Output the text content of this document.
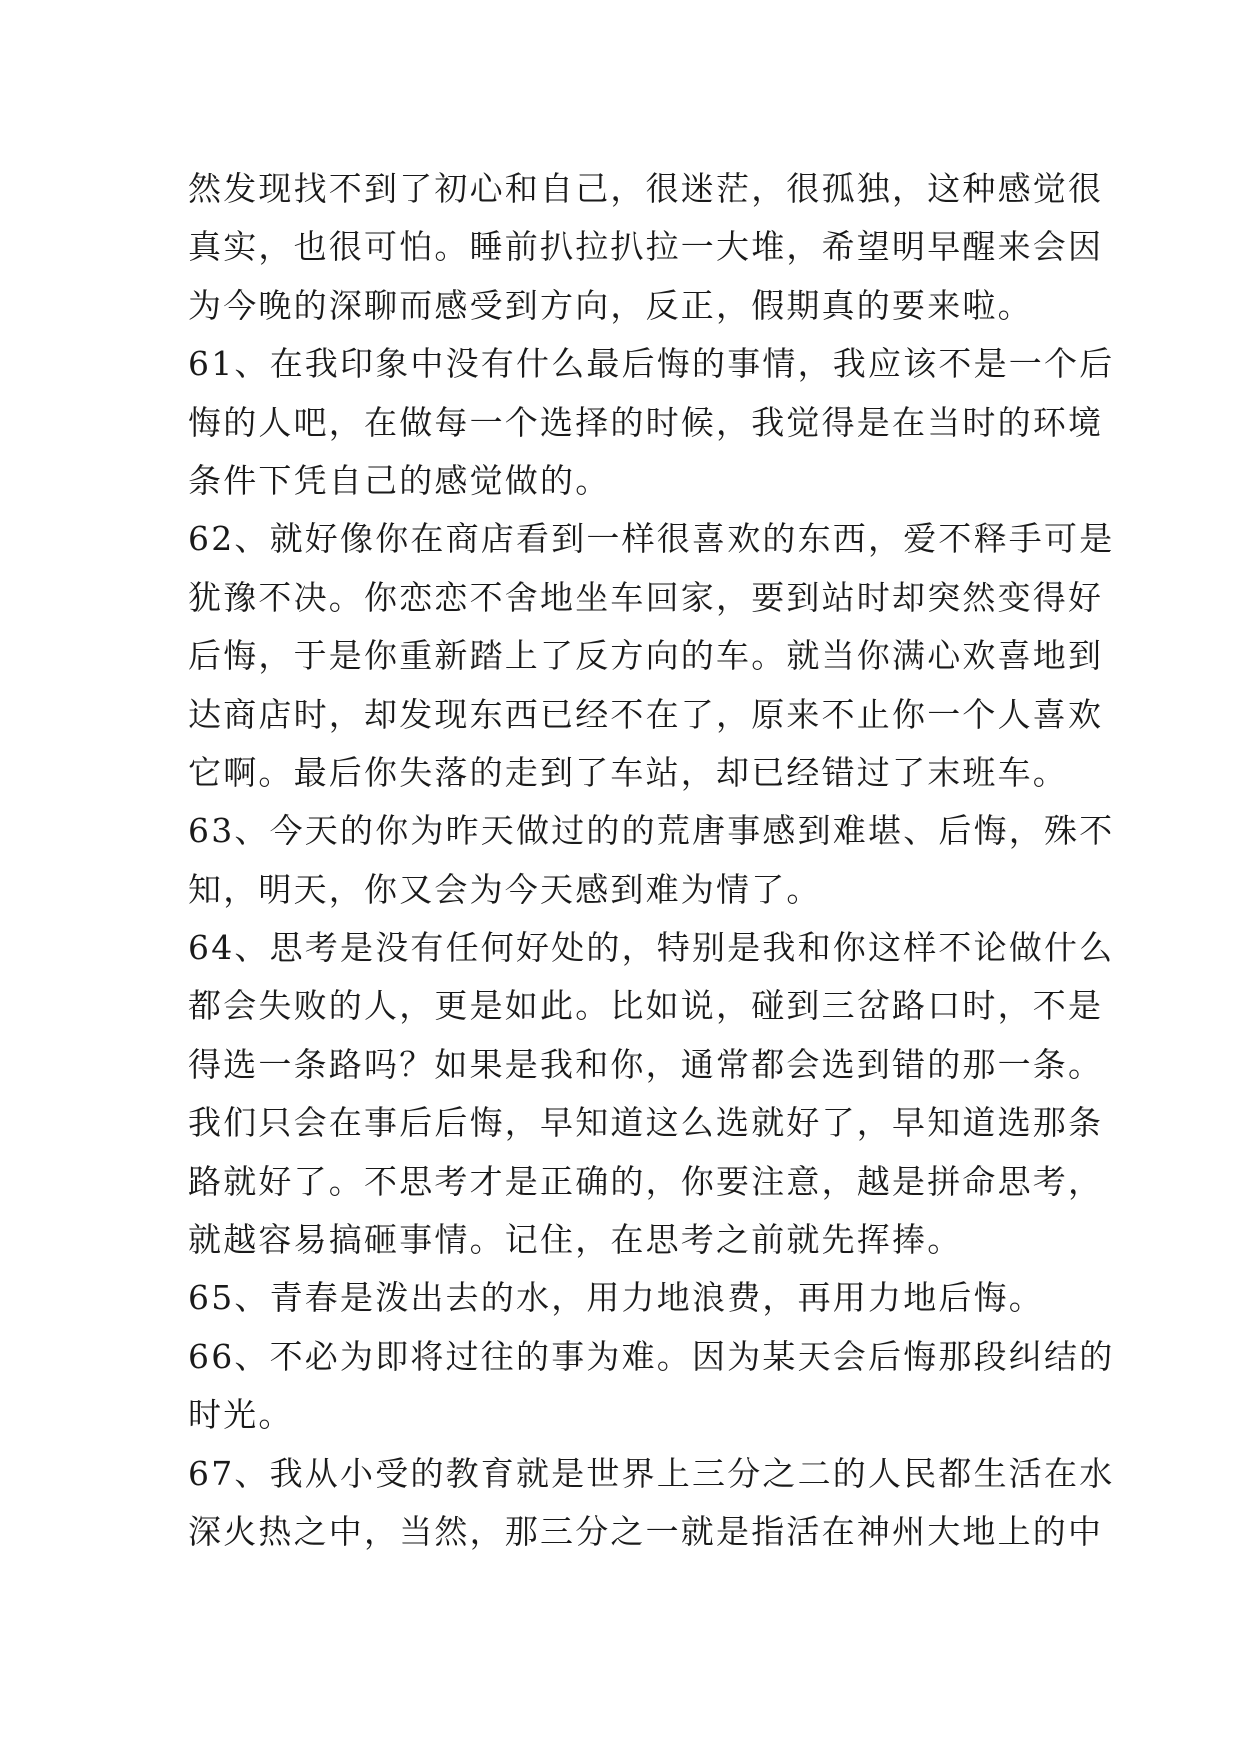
然发现找不到了初心和自己，很迷茫，很孤独，这种感觉很
真实，也很可怕。睡前扒拉扒拉一大堆，希望明早醒来会因
为今晚的深聊而感受到方向，反正，假期真的要来啦。
61、在我印象中没有什么最后悔的事情，我应该不是一个后
悔的人吧，在做每一个选择的时候，我觉得是在当时的环境
条件下凭自己的感觉做的。
62、就好像你在商店看到一样很喜欢的东西，爱不释手可是
犹豫不决。你恋恋不舍地坐车回家，要到站时却突然变得好
后悔，于是你重新踏上了反方向的车。就当你满心欢喜地到
达商店时，却发现东西已经不在了，原来不止你一个人喜欢
它啊。最后你失落的走到了车站，却已经错过了末班车。
63、今天的你为昨天做过的的荒唐事感到难堪、后悔，殊不
知，明天，你又会为今天感到难为情了。
64、思考是没有任何好处的，特别是我和你这样不论做什么
都会失败的人，更是如此。比如说，碰到三岔路口时，不是
得选一条路吗？如果是我和你，通常都会选到错的那一条。
我们只会在事后后悔，早知道这么选就好了，早知道选那条
路就好了。不思考才是正确的，你要注意，越是拼命思考，
就越容易搞砸事情。记住，在思考之前就先挥捧。
65、青春是泼出去的水，用力地浪费，再用力地后悔。
66、不必为即将过往的事为难。因为某天会后悔那段纠结的
时光。
67、我从小受的教育就是世界上三分之二的人民都生活在水
深火热之中，当然，那三分之一就是指活在神州大地上的中
